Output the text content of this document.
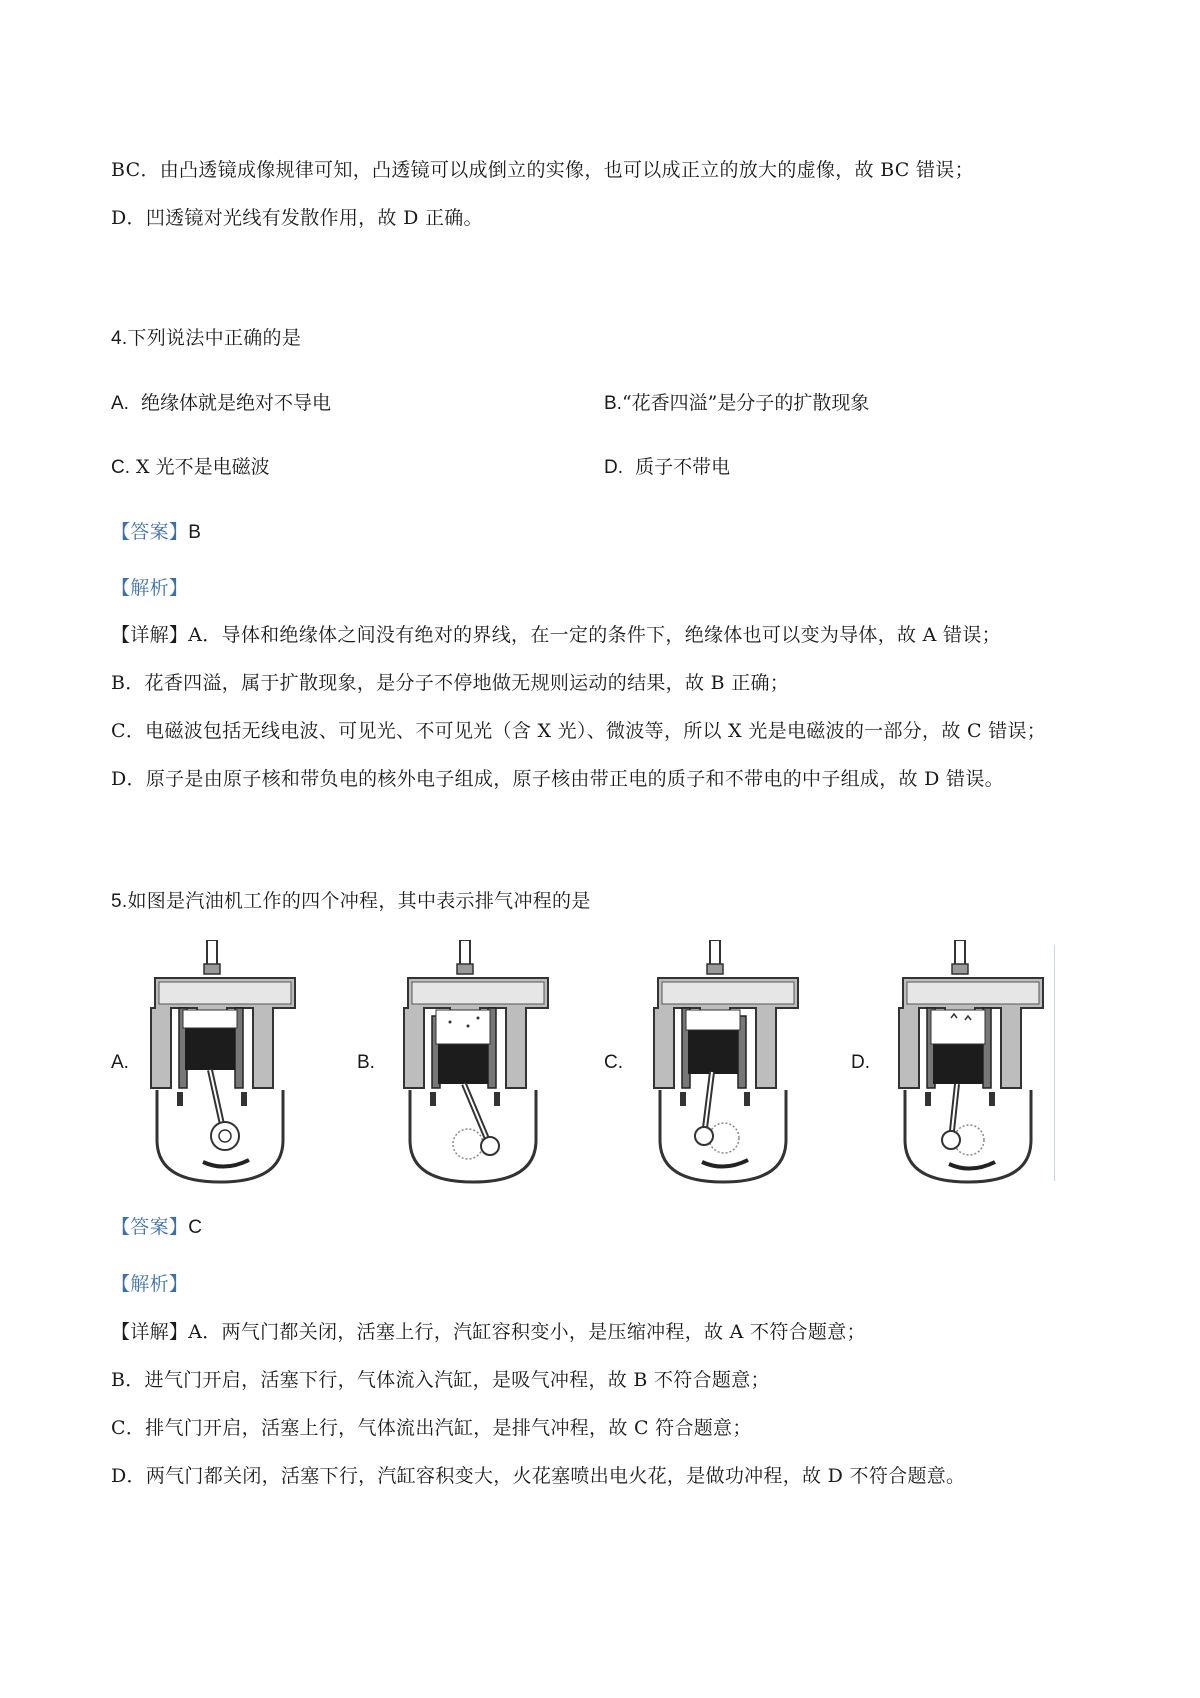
BC．由凸透镜成像规律可知，凸透镜可以成倒立的实像，也可以成正立的放大的虚像，故 BC 错误；
D．凹透镜对光线有发散作用，故 D 正确。
4.下列说法中正确的是
A. 绝缘体就是绝对不导电	B.“花香四溢”是分子的扩散现象
C. X 光不是电磁波	D. 质子不带电
【答案】B
【解析】
【详解】A．导体和绝缘体之间没有绝对的界线，在一定的条件下，绝缘体也可以变为导体，故 A 错误；
B．花香四溢，属于扩散现象，是分子不停地做无规则运动的结果，故 B 正确；
C．电磁波包括无线电波、可见光、不可见光（含 X 光）、微波等，所以 X 光是电磁波的一部分，故 C 错误；
D．原子是由原子核和带负电的核外电子组成，原子核由带正电的质子和不带电的中子组成，故 D 错误。
5.如图是汽油机工作的四个冲程，其中表示排气冲程的是
A.	B.	C.	D.
【答案】C
【解析】
【详解】A．两气门都关闭，活塞上行，汽缸容积变小，是压缩冲程，故 A 不符合题意；
B．进气门开启，活塞下行，气体流入汽缸，是吸气冲程，故 B 不符合题意；
C．排气门开启，活塞上行，气体流出汽缸，是排气冲程，故 C 符合题意；
D．两气门都关闭，活塞下行，汽缸容积变大，火花塞喷出电火花，是做功冲程，故 D 不符合题意。
